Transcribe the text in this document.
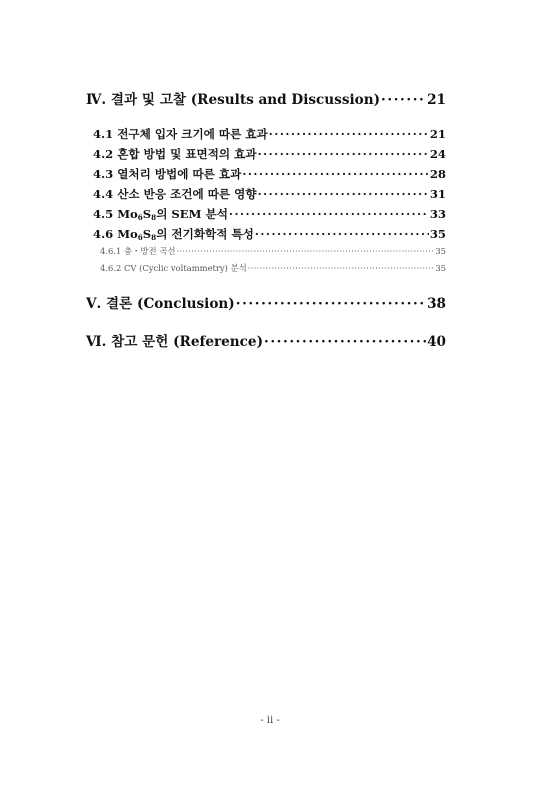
Ⅳ. 결과 및 고찰 (Results and Discussion) ·····	21
4.1 전구체 입자 크기에 따른 효과 ·····	21
4.2 혼합 방법 및 표면적의 효과 ·····	24
4.3 열처리 방법에 따른 효과 ·····	28
4.4 산소 반응 조건에 따른 영향 ·····	31
4.5 $Mo_6S_8$의 SEM 분석 ·····	33
4.6 $Mo_6S_8$의 전기화학적 특성 ·····	35
4.6.1 충・방전 곡선 ·····	35
4.6.2 CV (Cyclic voltammetry) 분석 ·····	35
Ⅴ. 결론 (Conclusion) ·····	38
Ⅵ. 참고 문헌 (Reference) ·····	40
- ii -
